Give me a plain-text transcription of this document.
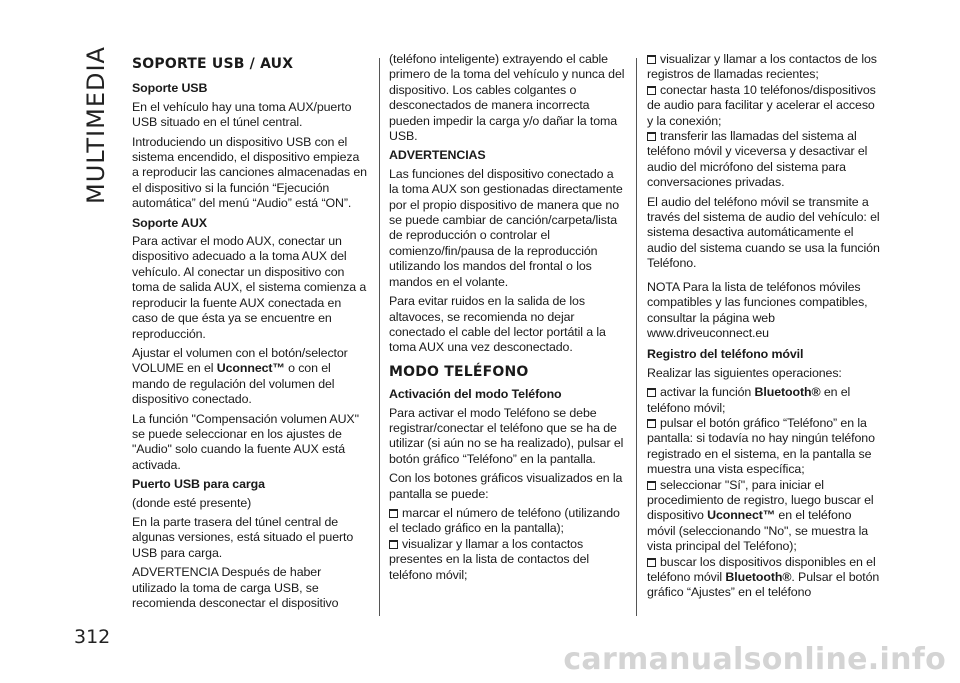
MULTIMEDIA SOPORTE USB / AUX
Soporte USB

En el vehículo hay una toma AUX/puerto USB situado en el túnel central.

Introduciendo un dispositivo USB con el sistema encendido, el dispositivo empieza a reproducir las canciones almacenadas en el dispositivo si la función “Ejecución automática” del menú “Audio” está “ON”.

Soporte AUX

Para activar el modo AUX, conectar un dispositivo adecuado a la toma AUX del vehículo. Al conectar un dispositivo con toma de salida AUX, el sistema comienza a reproducir la fuente AUX conectada en caso de que ésta ya se encuentre en reproducción.

Ajustar el volumen con el botón/selector VOLUME en el Uconnect™ o con el mando de regulación del volumen del dispositivo conectado.

La función "Compensación volumen AUX" se puede seleccionar en los ajustes de "Audio" solo cuando la fuente AUX está activada.

Puerto USB para carga

(donde esté presente)

En la parte trasera del túnel central de algunas versiones, está situado el puerto USB para carga.

ADVERTENCIA Después de haber utilizado la toma de carga USB, se recomienda desconectar el dispositivo

(teléfono inteligente) extrayendo el cable primero de la toma del vehículo y nunca del dispositivo. Los cables colgantes o desconectados de manera incorrecta pueden impedir la carga y/o dañar la toma USB.

ADVERTENCIAS

Las funciones del dispositivo conectado a la toma AUX son gestionadas directamente por el propio dispositivo de manera que no se puede cambiar de canción/carpeta/lista de reproducción o controlar el comienzo/fin/pausa de la reproducción utilizando los mandos del frontal o los mandos en el volante.

Para evitar ruidos en la salida de los altavoces, se recomienda no dejar conectado el cable del lector portátil a la toma AUX una vez desconectado.

MODO TELÉFONO
Activación del modo Teléfono

Para activar el modo Teléfono se debe registrar/conectar el teléfono que se ha de utilizar (si aún no se ha realizado), pulsar el botón gráfico “Teléfono” en la pantalla.

Con los botones gráficos visualizados en la pantalla se puede:

marcar el número de teléfono (utilizando el teclado gráfico en la pantalla);

visualizar y llamar a los contactos presentes en la lista de contactos del teléfono móvil;

visualizar y llamar a los contactos de los registros de llamadas recientes;

conectar hasta 10 teléfonos/dispositivos de audio para facilitar y acelerar el acceso y la conexión;

transferir las llamadas del sistema al teléfono móvil y viceversa y desactivar el audio del micrófono del sistema para conversaciones privadas.

El audio del teléfono móvil se transmite a través del sistema de audio del vehículo: el sistema desactiva automáticamente el audio del sistema cuando se usa la función Teléfono.

NOTA Para la lista de teléfonos móviles compatibles y las funciones compatibles, consultar la página web www.driveuconnect.eu

Registro del teléfono móvil

Realizar las siguientes operaciones:

activar la función Bluetooth® en el teléfono móvil;

pulsar el botón gráfico “Teléfono” en la pantalla: si todavía no hay ningún teléfono registrado en el sistema, en la pantalla se muestra una vista específica;

seleccionar "Sí", para iniciar el procedimiento de registro, luego buscar el dispositivo Uconnect™ en el teléfono móvil (seleccionando "No", se muestra la vista principal del Teléfono);

buscar los dispositivos disponibles en el teléfono móvil Bluetooth®. Pulsar el botón gráfico “Ajustes” en el teléfono

312
carmanualsonline.info
